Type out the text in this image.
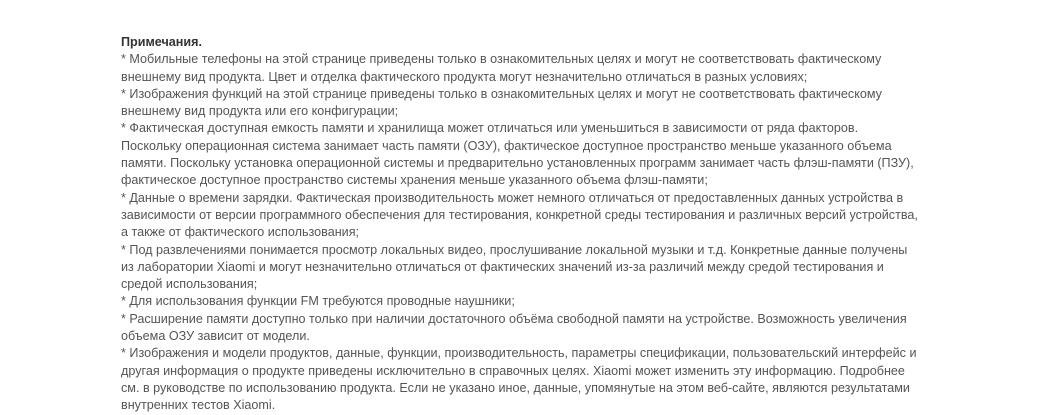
Примечания.

* Мобильные телефоны на этой странице приведены только в ознакомительных целях и могут не соответствовать фактическому внешнему вид продукта. Цвет и отделка фактического продукта могут незначительно отличаться в разных условиях;

* Изображения функций на этой странице приведены только в ознакомительных целях и могут не соответствовать фактическому внешнему вид продукта или его конфигурации;

* Фактическая доступная емкость памяти и хранилища может отличаться или уменьшиться в зависимости от ряда факторов. Поскольку операционная система занимает часть памяти (ОЗУ), фактическое доступное пространство меньше указанного объема памяти. Поскольку установка операционной системы и предварительно установленных программ занимает часть флэш-памяти (ПЗУ), фактическое доступное пространство системы хранения меньше указанного объема флэш-памяти;

* Данные о времени зарядки. Фактическая производительность может немного отличаться от предоставленных данных устройства в зависимости от версии программного обеспечения для тестирования, конкретной среды тестирования и различных версий устройства, а также от фактического использования;

* Под развлечениями понимается просмотр локальных видео, прослушивание локальной музыки и т.д. Конкретные данные получены из лаборатории Xiaomi и могут незначительно отличаться от фактических значений из-за различий между средой тестирования и средой использования;

* Для использования функции FM требуются проводные наушники;

* Расширение памяти доступно только при наличии достаточного объёма свободной памяти на устройстве. Возможность увеличения объема ОЗУ зависит от модели.

* Изображения и модели продуктов, данные, функции, производительность, параметры спецификации, пользовательский интерфейс и другая информация о продукте приведены исключительно в справочных целях. Xiaomi может изменить эту информацию. Подробнее см. в руководстве по использованию продукта. Если не указано иное, данные, упомянутые на этом веб-сайте, являются результатами внутренних тестов Xiaomi.
